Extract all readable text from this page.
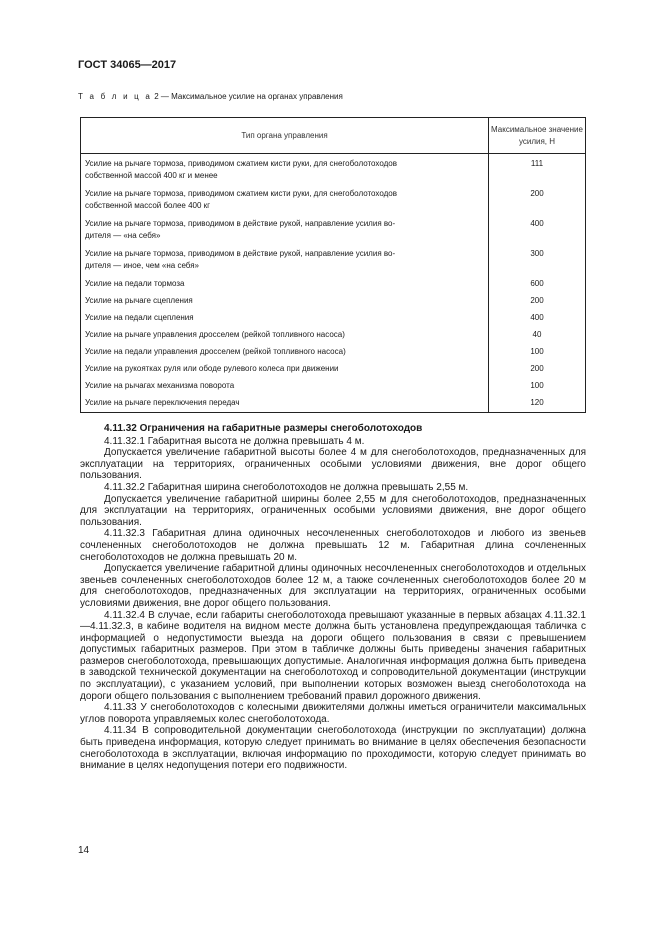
ГОСТ 34065—2017
Т а б л и ц а 2 — Максимальное усилие на органах управления
Тип органа управления	Максимальное значение
усилия, Н
Усилие на рычаге тормоза, приводимом сжатием кисти руки, для снегоболотоходов
собственной массой 400 кг и менее	111
Усилие на рычаге тормоза, приводимом сжатием кисти руки, для снегоболотоходов
собственной массой более 400 кг	200
Усилие на рычаге тормоза, приводимом в действие рукой, направление усилия во-
дителя — «на себя»	400
Усилие на рычаге тормоза, приводимом в действие рукой, направление усилия во-
дителя — иное, чем «на себя»	300
Усилие на педали тормоза	600
Усилие на рычаге сцепления	200
Усилие на педали сцепления	400
Усилие на рычаге управления дросселем (рейкой топливного насоса)	40
Усилие на педали управления дросселем (рейкой топливного насоса)	100
Усилие на рукоятках руля или ободе рулевого колеса при движении	200
Усилие на рычагах механизма поворота	100
Усилие на рычаге переключения передач	120

4.11.32 Ограничения на габаритные размеры снегоболотоходов

4.11.32.1 Габаритная высота не должна превышать 4 м.

Допускается увеличение габаритной высоты более 4 м для снегоболотоходов, предназначенных для эксплуатации на территориях, ограниченных особыми условиями движения, вне дорог общего пользования.

4.11.32.2 Габаритная ширина снегоболотоходов не должна превышать 2,55 м.

Допускается увеличение габаритной ширины более 2,55 м для снегоболотоходов, предназначенных для эксплуатации на территориях, ограниченных особыми условиями движения, вне дорог общего пользования.

4.11.32.3 Габаритная длина одиночных несочлененных снегоболотоходов и любого из звеньев сочлененных снегоболотоходов не должна превышать 12 м. Габаритная длина сочлененных снегоболотоходов не должна превышать 20 м.

Допускается увеличение габаритной длины одиночных несочлененных снегоболотоходов и отдельных звеньев сочлененных снегоболотоходов более 12 м, а также сочлененных снегоболотоходов более 20 м для снегоболотоходов, предназначенных для эксплуатации на территориях, ограниченных особыми условиями движения, вне дорог общего пользования.

4.11.32.4 В случае, если габариты снегоболотохода превышают указанные в первых абзацах 4.11.32.1—4.11.32.3, в кабине водителя на видном месте должна быть установлена предупреждающая табличка с информацией о недопустимости выезда на дороги общего пользования в связи с превышением допустимых габаритных размеров. При этом в табличке должны быть приведены значения габаритных размеров снегоболотохода, превышающих допустимые. Аналогичная информация должна быть приведена в заводской технической документации на снегоболотоход и сопроводительной документации (инструкции по эксплуатации), с указанием условий, при выполнении которых возможен выезд снегоболотохода на дороги общего пользования с выполнением требований правил дорожного движения.

4.11.33 У снегоболотоходов с колесными движителями должны иметься ограничители максимальных углов поворота управляемых колес снегоболотохода.

4.11.34 В сопроводительной документации снегоболотохода (инструкции по эксплуатации) должна быть приведена информация, которую следует принимать во внимание в целях обеспечения безопасности снегоболотохода в эксплуатации, включая информацию по проходимости, которую следует принимать во внимание в целях недопущения потери его подвижности.

14
